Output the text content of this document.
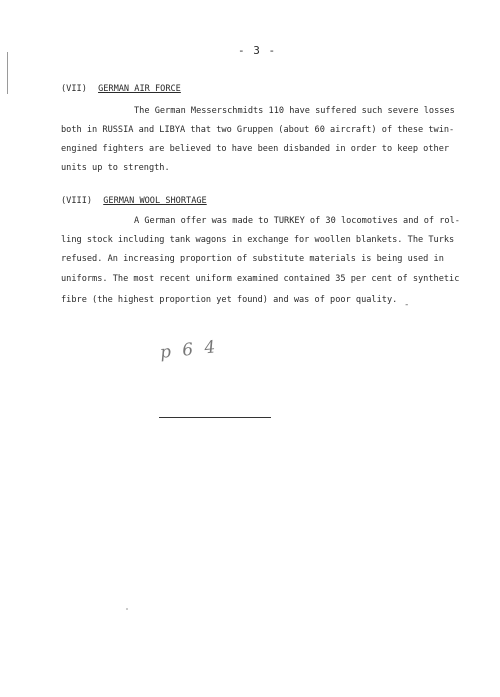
- 3 -
(VII) GERMAN AIR FORCE
The German Messerschmidts 110 have suffered such severe losses
both in RUSSIA and LIBYA that two Gruppen (about 60 aircraft) of these twin-
engined fighters are believed to have been disbanded in order to keep other
units up to strength.
(VIII) GERMAN WOOL SHORTAGE
A German offer was made to TURKEY of 30 locomotives and of rol-
ling stock including tank wagons in exchange for woollen blankets. The Turks
refused. An increasing proportion of substitute materials is being used in
uniforms. The most recent uniform examined contained 35 per cent of synthetic
fibre (the highest proportion yet found) and was of poor quality. -
p 6 4
